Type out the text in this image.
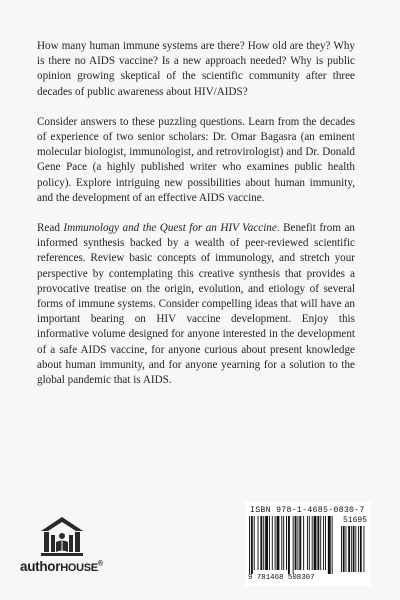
How many human immune systems are there? How old are they? Why is there no AIDS vaccine? Is a new approach needed? Why is public opinion growing skeptical of the scientific community after three decades of public awareness about HIV/AIDS?

Consider answers to these puzzling questions. Learn from the decades of experience of two senior scholars: Dr. Omar Bagasra (an eminent molecular biologist, immunologist, and retrovirologist) and Dr. Donald Gene Pace (a highly published writer who examines public health policy). Explore intriguing new possibilities about human immunity, and the development of an effective AIDS vaccine.

Read Immunology and the Quest for an HIV Vaccine. Benefit from an informed synthesis backed by a wealth of peer-reviewed scientific references. Review basic concepts of immunology, and stretch your perspective by contemplating this creative synthesis that provides a provocative treatise on the origin, evolution, and etiology of several forms of immune systems. Consider compelling ideas that will have an important bearing on HIV vaccine development. Enjoy this informative volume designed for anyone interested in the development of a safe AIDS vaccine, for anyone curious about present knowledge about human immunity, and for anyone yearning for a solution to the global pandemic that is AIDS.

authorHOUSE®
ISBN 978-1-4685-0830-7
51695
9 781468 508307
